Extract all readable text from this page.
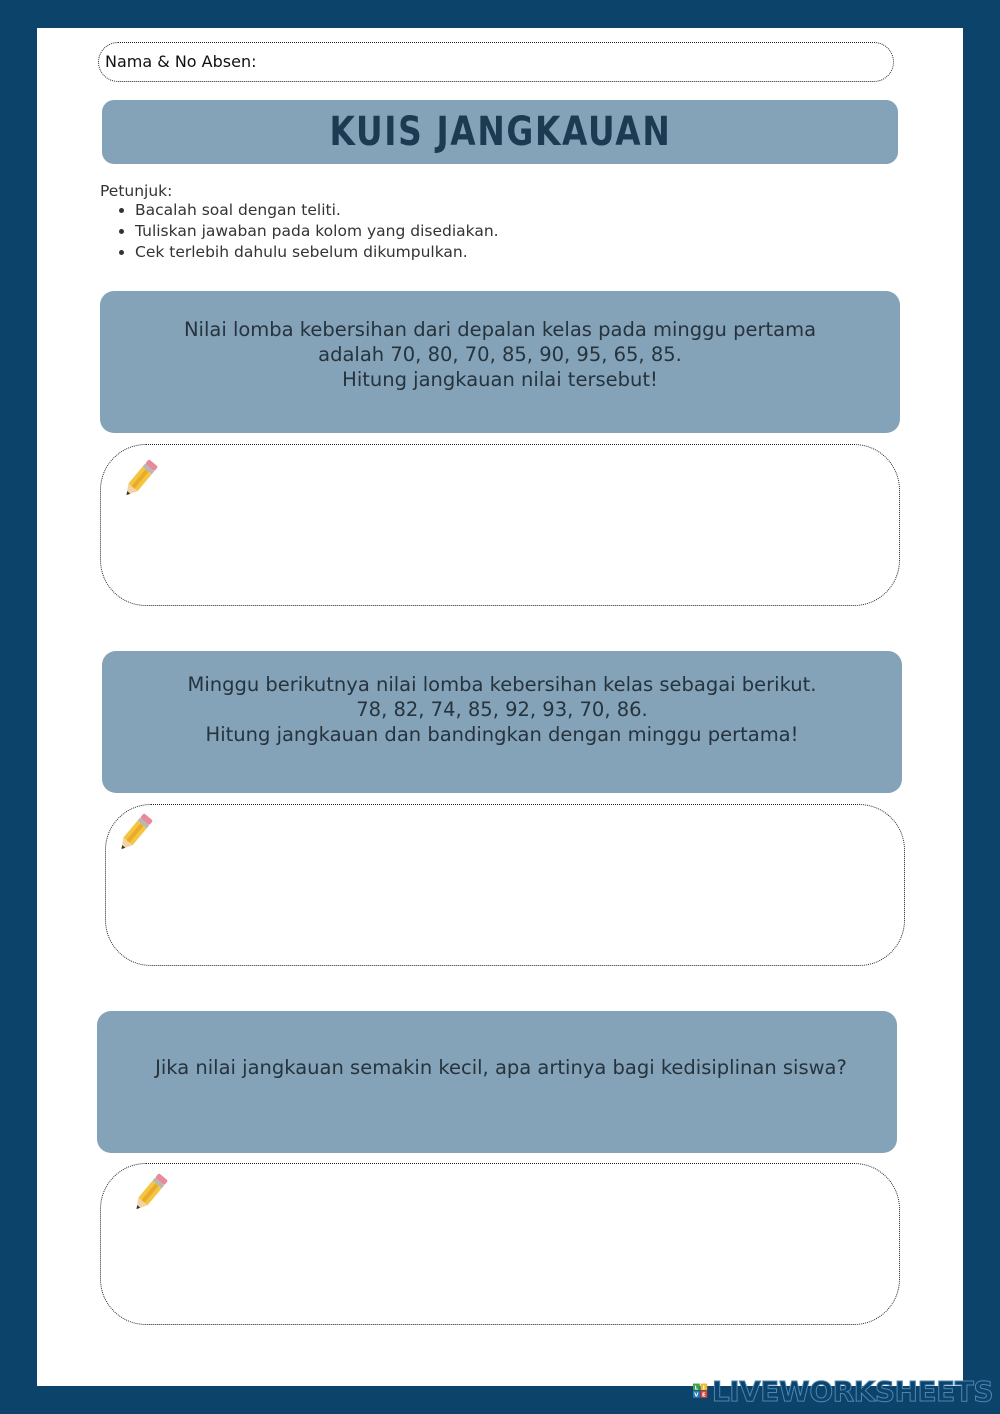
Nama & No Absen:
KUIS JANGKAUAN
Petunjuk:
• Bacalah soal dengan teliti.
• Tuliskan jawaban pada kolom yang disediakan.
• Cek terlebih dahulu sebelum dikumpulkan.
Nilai lomba kebersihan dari depalan kelas pada minggu pertama
adalah 70, 80, 70, 85, 90, 95, 65, 85.
Hitung jangkauan nilai tersebut!
Minggu berikutnya nilai lomba kebersihan kelas sebagai berikut.
78, 82, 74, 85, 92, 93, 70, 86.
Hitung jangkauan dan bandingkan dengan minggu pertama!
Jika nilai jangkauan semakin kecil, apa artinya bagi kedisiplinan siswa?
L I
V E LIVEWORKSHEETS
